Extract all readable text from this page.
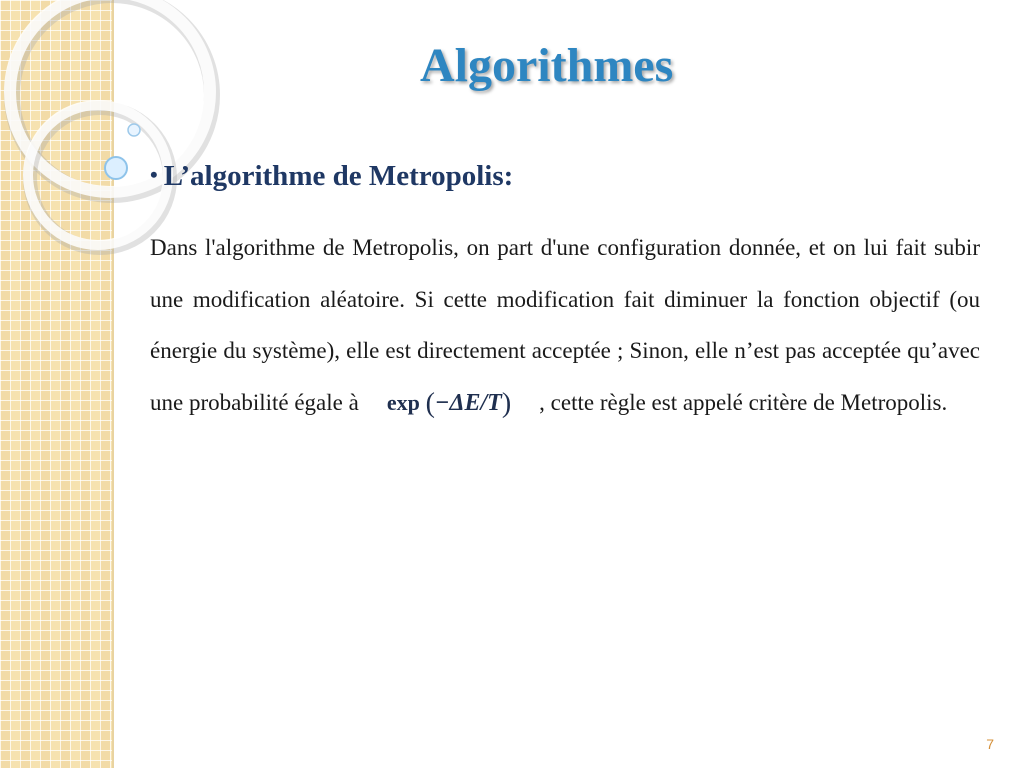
Algorithmes
• L’algorithme de Metropolis:

Dans l'algorithme de Metropolis, on part d'une configuration donnée, et on lui fait subir une modification aléatoire. Si cette modification fait diminuer la fonction objectif (ou énergie du système), elle est directement acceptée ; Sinon, elle n’est pas acceptée qu’avec une probabilité égale à exp (−ΔE/T) , cette règle est appelé critère de Metropolis.

7
